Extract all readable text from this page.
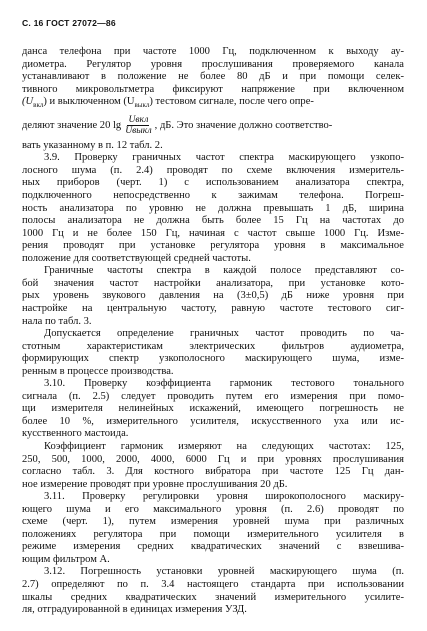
С. 16 ГОСТ 27072—86
данса телефона при частоте 1000 Гц, подключенном к выходу ау-
диометра. Регулятор уровня прослушивания проверяемого канала
устанавливают в положение не более 80 дБ и при помощи селек-
тивного микровольтметра фиксируют напряжение при включенном
$(U_{вкл})$ и выключенном $(U_{выкл})$ тестовом сигнале, после чего опре-
деляют значение 20 $\lg \frac{\text{Uвкл}}{\text{Uвыкл}}$ , дБ. Это значение должно соответство-
вать указанному в п. 12 табл. 2.
3.9. Проверку граничных частот спектра маскирующего узкопо-
лосного шума (п. 2.4) проводят по схеме включения измеритель-
ных приборов (черт. 1) с использованием анализатора спектра,
подключенного непосредственно к зажимам телефона. Погреш-
ность анализатора по уровню не должна превышать 1 дБ, ширина
полосы анализатора не должна быть более 15 Гц на частотах до
1000 Гц и не более 150 Гц, начиная с частот свыше 1000 Гц. Изме-
рения проводят при установке регулятора уровня в максимальное
положение для соответствующей средней частоты.
Граничные частоты спектра в каждой полосе представляют со-
бой значения частот настройки анализатора, при установке кото-
рых уровень звукового давления на (3±0,5) дБ ниже уровня при
настройке на центральную частоту, равную частоте тестового сиг-
нала по табл. 3.
Допускается определение граничных частот проводить по ча-
стотным характеристикам электрических фильтров аудиометра,
формирующих спектр узкополосного маскирующего шума, изме-
ренным в процессе производства.
3.10. Проверку коэффициента гармоник тестового тонального
сигнала (п. 2.5) следует проводить путем его измерения при помо-
щи измерителя нелинейных искажений, имеющего погрешность не
более 10 %, измерительного усилителя, искусственного уха или ис-
кусственного мастоида.
Коэффициент гармоник измеряют на следующих частотах: 125,
250, 500, 1000, 2000, 4000, 6000 Гц и при уровнях прослушивания
согласно табл. 3. Для костного вибратора при частоте 125 Гц дан-
ное измерение проводят при уровне прослушивания 20 дБ.
3.11. Проверку регулировки уровня широкополосного маскиру-
ющего шума и его максимального уровня (п. 2.6) проводят по
схеме (черт. 1), путем измерения уровней шума при различных
положениях регулятора при помощи измерительного усилителя в
режиме измерения средних квадратических значений с взвешива-
ющим фильтром А.
3.12. Погрешность установки уровней маскирующего шума (п.
2.7) определяют по п. 3.4 настоящего стандарта при использовании
шкалы средних квадратических значений измерительного усилите-
ля, отградуированной в единицах измерения УЗД.
